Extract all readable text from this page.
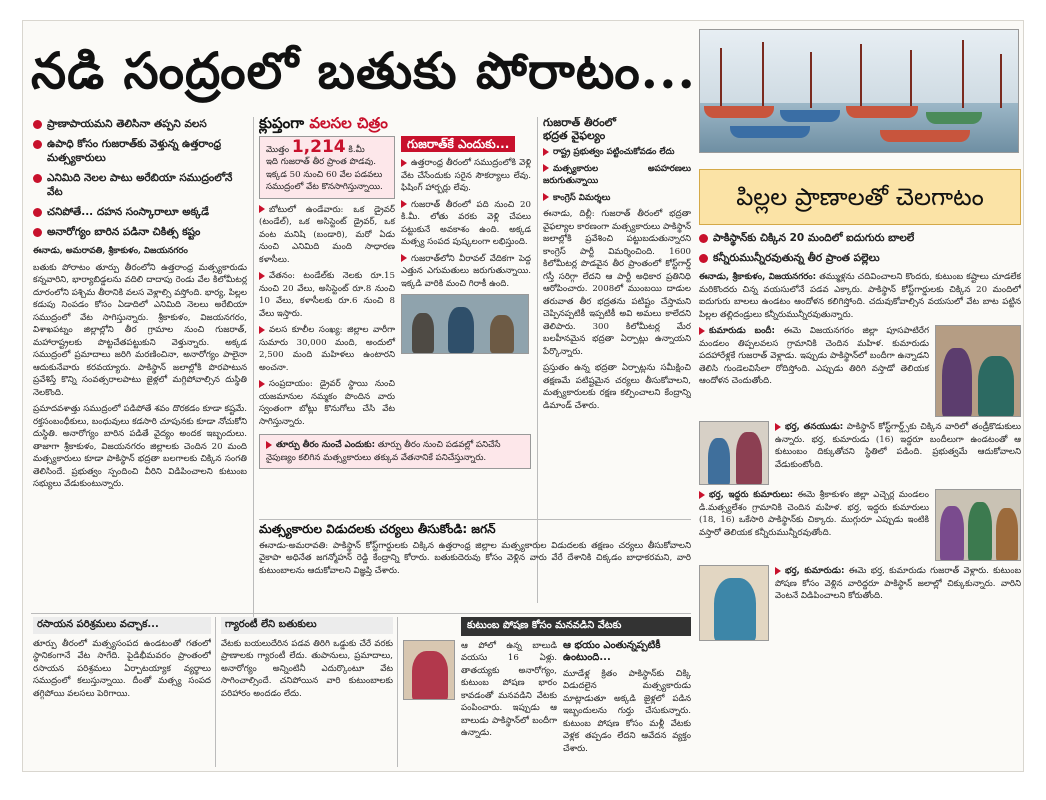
నడి సంద్రంలో బతుకు పోరాటం...
ప్రాణాపాయమని తెలిసినా తప్పని వలస
ఉపాధి కోసం గుజరాత్‌కు వెళ్తున్న ఉత్తరాంధ్ర మత్స్యకారులు
ఎనిమిది నెలల పాటు అరేబియా సముద్రంలోనే వేట
చనిపోతే... దహన సంస్కారాలూ అక్కడే
అనారోగ్యం బారిన పడినా చికిత్స కష్టం
ఈనాడు, అమరావతి, శ్రీకాకుళం, విజయనగరం

బతుకు పోరాటం తూర్పు తీరంలోని ఉత్తరాంధ్ర మత్స్యకారుడు కన్నవారిని, భార్యాబిడ్డలను వదిలి దాదాపు రెండు వేల కిలోమీటర్ల దూరంలోని పశ్చిమ తీరానికి వలస వెళ్లాల్సి వస్తోంది. భార్య, పిల్లల కడుపు నింపడం కోసం ఏడాదిలో ఎనిమిది నెలలు అరేబియా సముద్రంలో వేట సాగిస్తున్నారు. శ్రీకాకుళం, విజయనగరం, విశాఖపట్నం జిల్లాల్లోని తీర గ్రామాల నుంచి గుజరాత్, మహారాష్ట్రలకు పొట్టచేతపట్టుకుని వెళ్తున్నారు. అక్కడ సముద్రంలో ప్రమాదాలు జరిగి మరణించినా, అనారోగ్యం పాలైనా ఆదుకునేవారు కరవయ్యారు. పాకిస్థాన్ జలాల్లోకి పొరపాటున ప్రవేశిస్తే కొన్ని సంవత్సరాలపాటు జైళ్లలో మగ్గిపోవాల్సిన దుస్థితి నెలకొంది.

ప్రమాదవశాత్తు సముద్రంలో పడిపోతే శవం దొరకడం కూడా కష్టమే. రక్తసంబంధీకులు, బంధువులు కడసారి చూపునకు కూడా నోచుకోని దుస్థితి. అనారోగ్యం బారిన పడితే వైద్యం అందక ఇబ్బందులు. తాజాగా శ్రీకాకుళం, విజయనగరం జిల్లాలకు చెందిన 20 మంది మత్స్యకారులు కూడా పాకిస్థాన్ భద్రతా బలగాలకు చిక్కిన సంగతి తెలిసిందే. ప్రభుత్వం స్పందించి వీరిని విడిపించాలని కుటుంబ సభ్యులు వేడుకుంటున్నారు.

క్లుప్తంగా వలసల చిత్రం
మొత్తం 1,214 కి.మీ
ఇది గుజరాత్ తీర ప్రాంత పొడవు. ఇక్కడ 50 నుంచి 60 వేల పడవలు సముద్రంలో వేట కొనసాగిస్తున్నాయి.

బోటులో ఉండేవారు: ఒక డ్రైవర్ (టండేల్), ఒక అసిస్టెంట్ డ్రైవర్, ఒక వంట మనిషి (బండారి), మరో ఏడు నుంచి ఎనిమిది మంది సాధారణ కళాసీలు.

వేతనం: టండేల్‌కు నెలకు రూ.15 నుంచి 20 వేలు, అసిస్టెంట్ రూ.8 నుంచి 10 వేలు, కళాసీలకు రూ.6 నుంచి 8 వేలు ఇస్తారు.

వలస కూలీల సంఖ్య: జిల్లాల వారీగా సుమారు 30,000 మంది, అందులో 2,500 మంది మహిళలు ఉంటారని అంచనా.

సంప్రదాయం: డ్రైవర్ స్థాయి నుంచి యజమానుల నమ్మకం పొందిన వారు స్వంతంగా బోట్లు కొనుగోలు చేసి వేట సాగిస్తున్నారు.

గుజరాత్‌కే ఎందుకు...

ఉత్తరాంధ్ర తీరంలో సముద్రంలోకి వెళ్లి వేట చేసేందుకు సరైన సౌకర్యాలు లేవు. ఫిషింగ్ హార్బర్లు లేవు.

గుజరాత్ తీరంలో పది నుంచి 20 కి.మీ. లోతు వరకు వెళ్లి చేపలు పట్టుకునే అవకాశం ఉంది. అక్కడ మత్స్య సంపద పుష్కలంగా లభిస్తుంది.

గుజరాత్‌లోని వీరావల్ వేదికగా పెద్ద ఎత్తున ఎగుమతులు జరుగుతున్నాయి. ఇక్కడి వారికి మంచి గిరాకీ ఉంది.

తూర్పు తీరం నుంచే ఎందుకు: తూర్పు తీరం నుంచి పడవల్లో పనిచేసే నైపుణ్యం కలిగిన మత్స్యకారులు తక్కువ వేతనానికే పనిచేస్తున్నారు.
గుజరాత్ తీరంలో
భద్రత వైఫల్యం

రాష్ట్ర ప్రభుత్వం పట్టించుకోవడం లేదు

మత్స్యకారుల అపహరణలు జరుగుతున్నాయి

కాంగ్రెస్ విమర్శలు

ఈనాడు, దిల్లీ: గుజరాత్ తీరంలో భద్రతా వైఫల్యాల కారణంగా మత్స్యకారులు పాకిస్థాన్ జలాల్లోకి ప్రవేశించి పట్టుబడుతున్నారని కాంగ్రెస్ పార్టీ విమర్శించింది. 1600 కిలోమీటర్ల పొడవైన తీర ప్రాంతంలో కోస్ట్‌గార్డ్ గస్తీ సరిగ్గా లేదని ఆ పార్టీ అధికార ప్రతినిధి ఆరోపించారు. 2008లో ముంబయి దాడుల తరువాత తీర భద్రతను పటిష్టం చేస్తామని చెప్పినప్పటికీ ఇప్పటికీ అవి అమలు కాలేదని తెలిపారు. 300 కిలోమీటర్ల మేర బలహీనమైన భద్రతా ఏర్పాట్లు ఉన్నాయని పేర్కొన్నారు.

ప్రస్తుతం ఉన్న భద్రతా ఏర్పాట్లను సమీక్షించి తక్షణమే పటిష్టమైన చర్యలు తీసుకోవాలని, మత్స్యకారులకు రక్షణ కల్పించాలని కేంద్రాన్ని డిమాండ్ చేశారు.

మత్స్యకారుల విడుదలకు చర్యలు తీసుకోండి: జగన్

ఈనాడు-అమరావతి: పాకిస్థాన్ కోస్ట్‌గార్డులకు చిక్కిన ఉత్తరాంధ్ర జిల్లాల మత్స్యకారుల విడుదలకు తక్షణం చర్యలు తీసుకోవాలని వైకాపా అధినేత జగన్మోహన్ రెడ్డి కేంద్రాన్ని కోరారు. బతుకుదెరువు కోసం వెళ్లిన వారు వేరే దేశానికి చిక్కడం బాధాకరమని, వారి కుటుంబాలను ఆదుకోవాలని విజ్ఞప్తి చేశారు.

పిల్లల ప్రాణాలతో చెలగాటం
పాకిస్థాన్‌కు చిక్కిన 20 మందిలో ఐదుగురు బాలలే
కన్నీరుమున్నీరవుతున్న తీర ప్రాంత పల్లెలు

ఈనాడు, శ్రీకాకుళం, విజయనగరం: తమ్ముళ్లను చదివించాలని కొందరు, కుటుంబ కష్టాలు చూడలేక మరికొందరు చిన్న వయసులోనే పడవ ఎక్కారు. పాకిస్థాన్ కోస్ట్‌గార్డులకు చిక్కిన 20 మందిలో ఐదుగురు బాలలు ఉండటం ఆందోళన కలిగిస్తోంది. చదువుకోవాల్సిన వయసులో వేట బాట పట్టిన పిల్లల తల్లిదండ్రులు కన్నీరుమున్నీరవుతున్నారు.

కుమారుడు బందీ: ఈమె విజయనగరం జిల్లా పూసపాటిరేగ మండలం తిప్పలవలస గ్రామానికి చెందిన మహిళ. కుమారుడు పదహారేళ్లకే గుజరాత్ వెళ్లాడు. ఇప్పుడు పాకిస్థాన్‌లో బందీగా ఉన్నాడని తెలిసి గుండెలవిసేలా రోదిస్తోంది. ఎప్పుడు తిరిగి వస్తాడో తెలియక ఆందోళన చెందుతోంది.

భర్త, తనయుడు: పాకిస్థాన్ కోస్ట్‌గార్డ్స్‌కు చిక్కిన వారిలో తండ్రీకొడుకులు ఉన్నారు. భర్త, కుమారుడు (16) ఇద్దరూ బందీలుగా ఉండటంతో ఆ కుటుంబం దిక్కుతోచని స్థితిలో పడింది. ప్రభుత్వమే ఆదుకోవాలని వేడుకుంటోంది.

భర్త, ఇద్దరు కుమారులు: ఈమె శ్రీకాకుళం జిల్లా ఎచ్చెర్ల మండలం డి.మత్స్యలేశం గ్రామానికి చెందిన మహిళ. భర్త, ఇద్దరు కుమారులు (18, 16) ఒకేసారి పాకిస్థాన్‌కు చిక్కారు. ముగ్గురూ ఎప్పుడు ఇంటికి వస్తారో తెలియక కన్నీరుమున్నీరవుతోంది.

భర్త, కుమారుడు: ఈమె భర్త, కుమారుడు గుజరాత్ వెళ్లారు. కుటుంబ పోషణ కోసం వెళ్లిన వారిద్దరూ పాకిస్థాన్ జలాల్లో చిక్కుకున్నారు. వారిని వెంటనే విడిపించాలని కోరుతోంది.

రసాయన పరిశ్రమలు వచ్చాక...

తూర్పు తీరంలో మత్స్యసంపద ఉండటంతో గతంలో స్థానికంగానే వేట సాగేది. పైడిభీమవరం ప్రాంతంలో రసాయన పరిశ్రమలు ఏర్పాటయ్యాక వ్యర్థాలు సముద్రంలో కలుస్తున్నాయి. దీంతో మత్స్య సంపద తగ్గిపోయి వలసలు పెరిగాయి.

గ్యారంటీ లేని బతుకులు

వేటకు బయలుదేరిన పడవ తిరిగి ఒడ్డుకు చేరే వరకు ప్రాణాలకు గ్యారంటీ లేదు. తుపానులు, ప్రమాదాలు, అనారోగ్యం అన్నింటినీ ఎదుర్కొంటూ వేట సాగించాల్సిందే. చనిపోయిన వారి కుటుంబాలకు పరిహారం అందడం లేదు.

కుటుంబ పోషణ కోసం మనవడిని వేటకు

ఆ పోలో ఉన్న బాలుడి వయసు 16 ఏళ్లు. తాతయ్యకు అనారోగ్యం, కుటుంబ పోషణ భారం కావడంతో మనవడిని వేటకు పంపించారు. ఇప్పుడు ఆ బాలుడు పాకిస్థాన్‌లో బందీగా ఉన్నాడు.

ఆ భయం ఎంతున్నప్పటికీ ఉంటుంది...

మూడేళ్ల క్రితం పాకిస్థాన్‌కు చిక్కి విడుదలైన మత్స్యకారుడు మాట్లాడుతూ అక్కడి జైళ్లలో పడిన ఇబ్బందులను గుర్తు చేసుకున్నారు. కుటుంబ పోషణ కోసం మళ్లీ వేటకు వెళ్లక తప్పడం లేదని ఆవేదన వ్యక్తం చేశారు.
